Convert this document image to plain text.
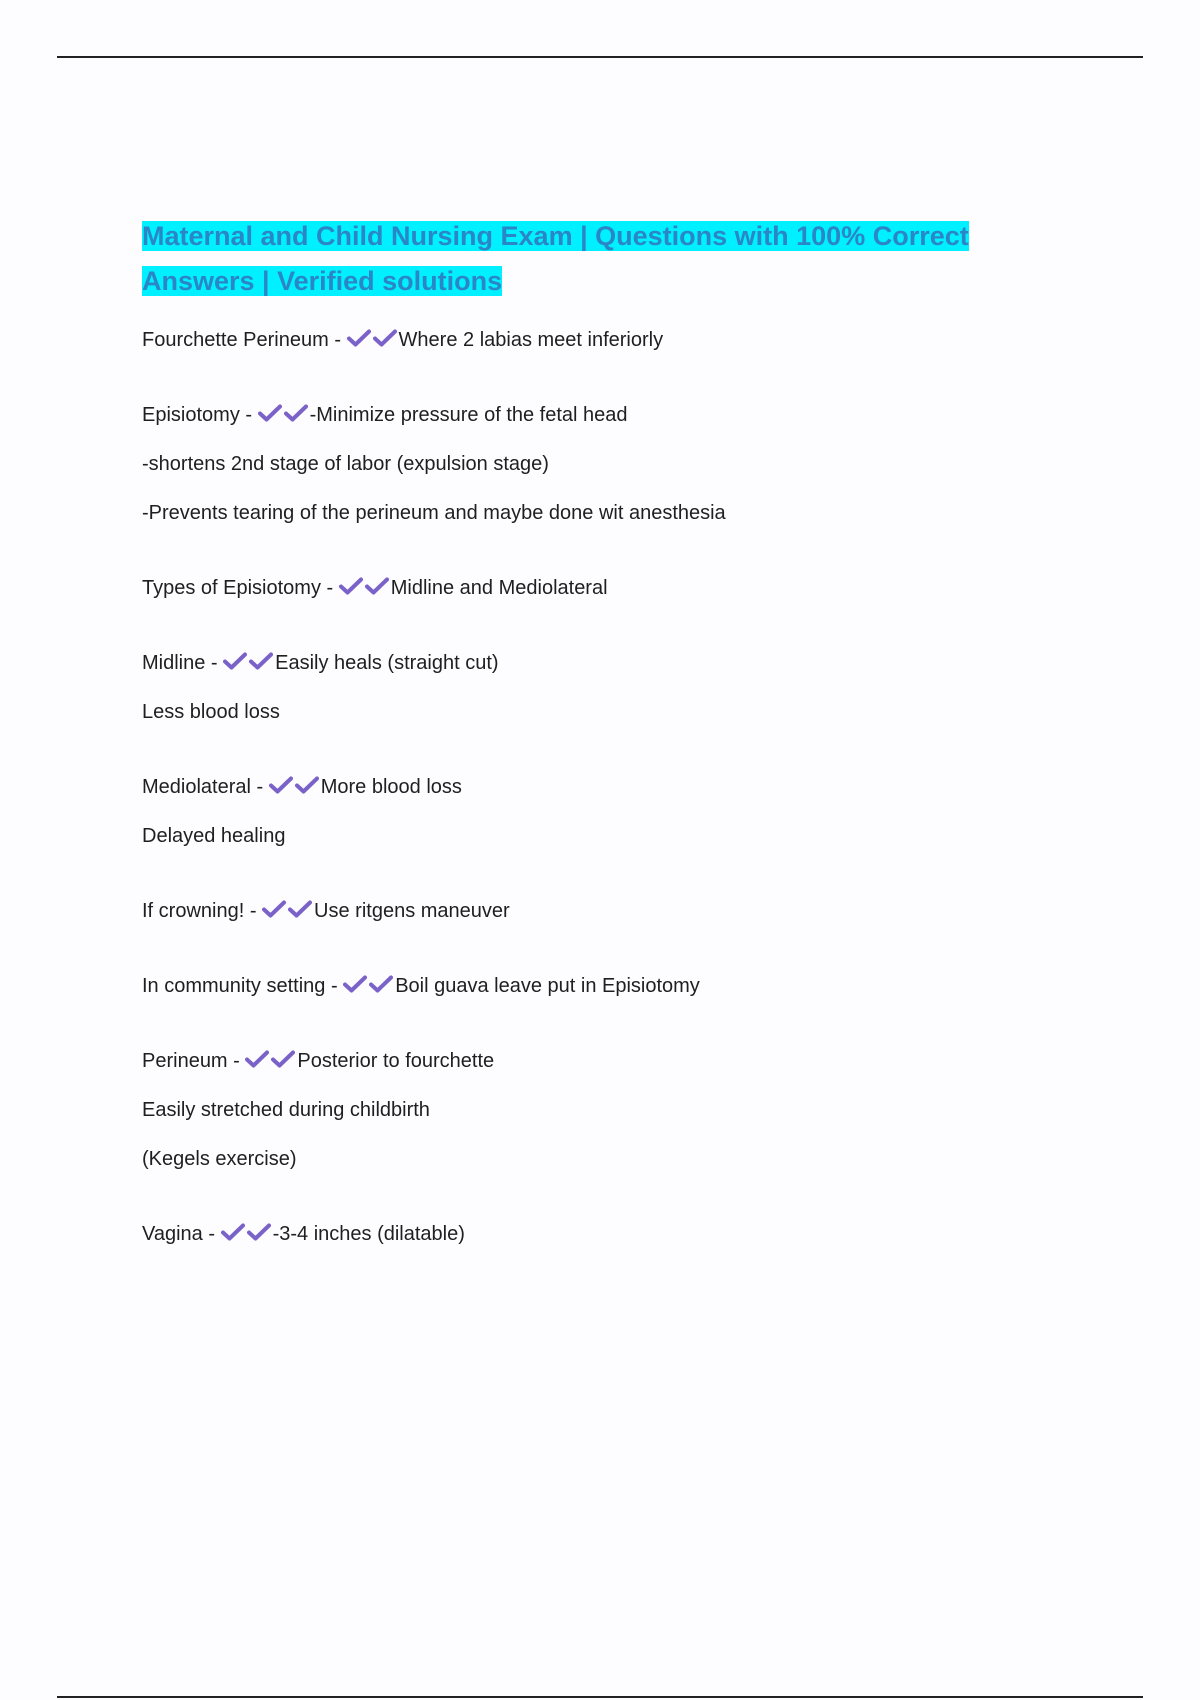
Maternal and Child Nursing Exam | Questions with 100% Correct Answers | Verified solutions

Fourchette Perineum -	Where 2 labias meet inferiorly

Episiotomy -	-Minimize pressure of the fetal head

-shortens 2nd stage of labor (expulsion stage)

-Prevents tearing of the perineum and maybe done wit anesthesia

Types of Episiotomy -	Midline and Mediolateral

Midline -	Easily heals (straight cut)

Less blood loss

Mediolateral -	More blood loss

Delayed healing

If crowning! -	Use ritgens maneuver

In community setting -	Boil guava leave put in Episiotomy

Perineum -	Posterior to fourchette

Easily stretched during childbirth

(Kegels exercise)

Vagina -	-3-4 inches (dilatable)
